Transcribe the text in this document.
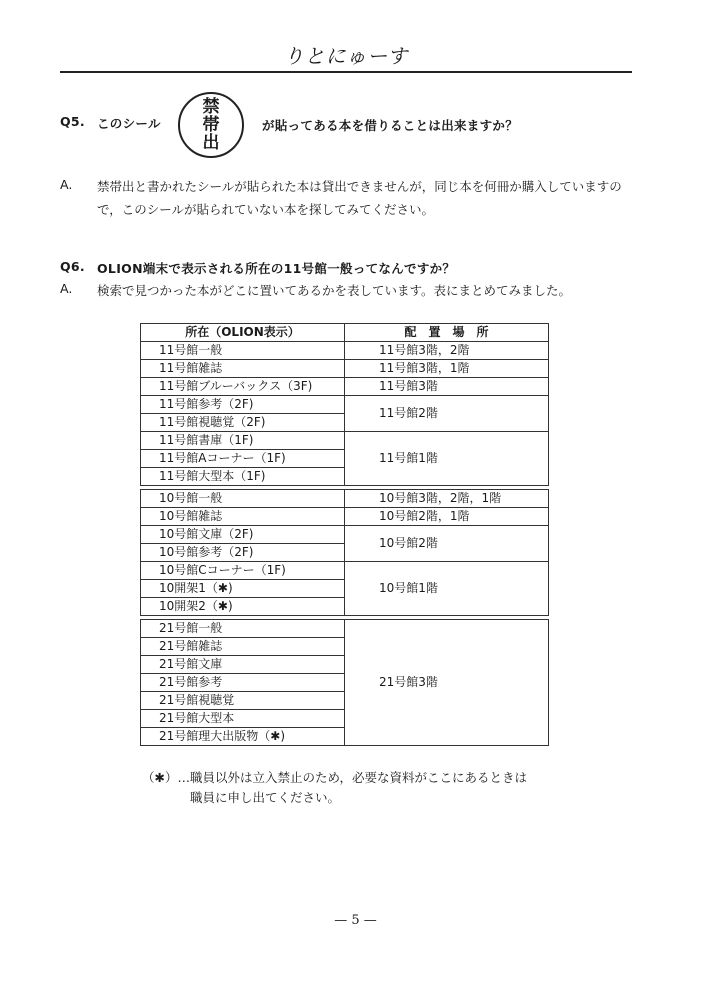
りとにゅーす
Q5. このシール
禁
帯
出
が貼ってある本を借りることは出来ますか？
A. 禁帯出と書かれたシールが貼られた本は貸出できませんが，同じ本を何冊か購入していますの
で，このシールが貼られていない本を探してみてください。
Q6. OLION端末で表示される所在の11号館一般ってなんですか？
A. 検索で見つかった本がどこに置いてあるかを表しています。表にまとめてみました。
所在（OLION表示）	配　置　場　所
11号館一般	11号館3階，2階
11号館雑誌	11号館3階，1階
11号館ブルーバックス（3F)	11号館3階
11号館参考（2F)	11号館2階
11号館視聴覚（2F)	
11号館書庫（1F)	11号館1階
11号館Aコーナー（1F)	
11号館大型本（1F)	

10号館一般	10号館3階，2階，1階
10号館雑誌	10号館2階，1階
10号館文庫（2F)	10号館2階
10号館参考（2F)	
10号館Cコーナー（1F)	10号館1階
10開架1（✱)	
10開架2（✱)	

21号館一般	21号館3階
21号館雑誌	
21号館文庫	
21号館参考	
21号館視聴覚	
21号館大型本	
21号館理大出版物（✱)	
（✱）…職員以外は立入禁止のため，必要な資料がここにあるときは
職員に申し出てください。
— 5 —
